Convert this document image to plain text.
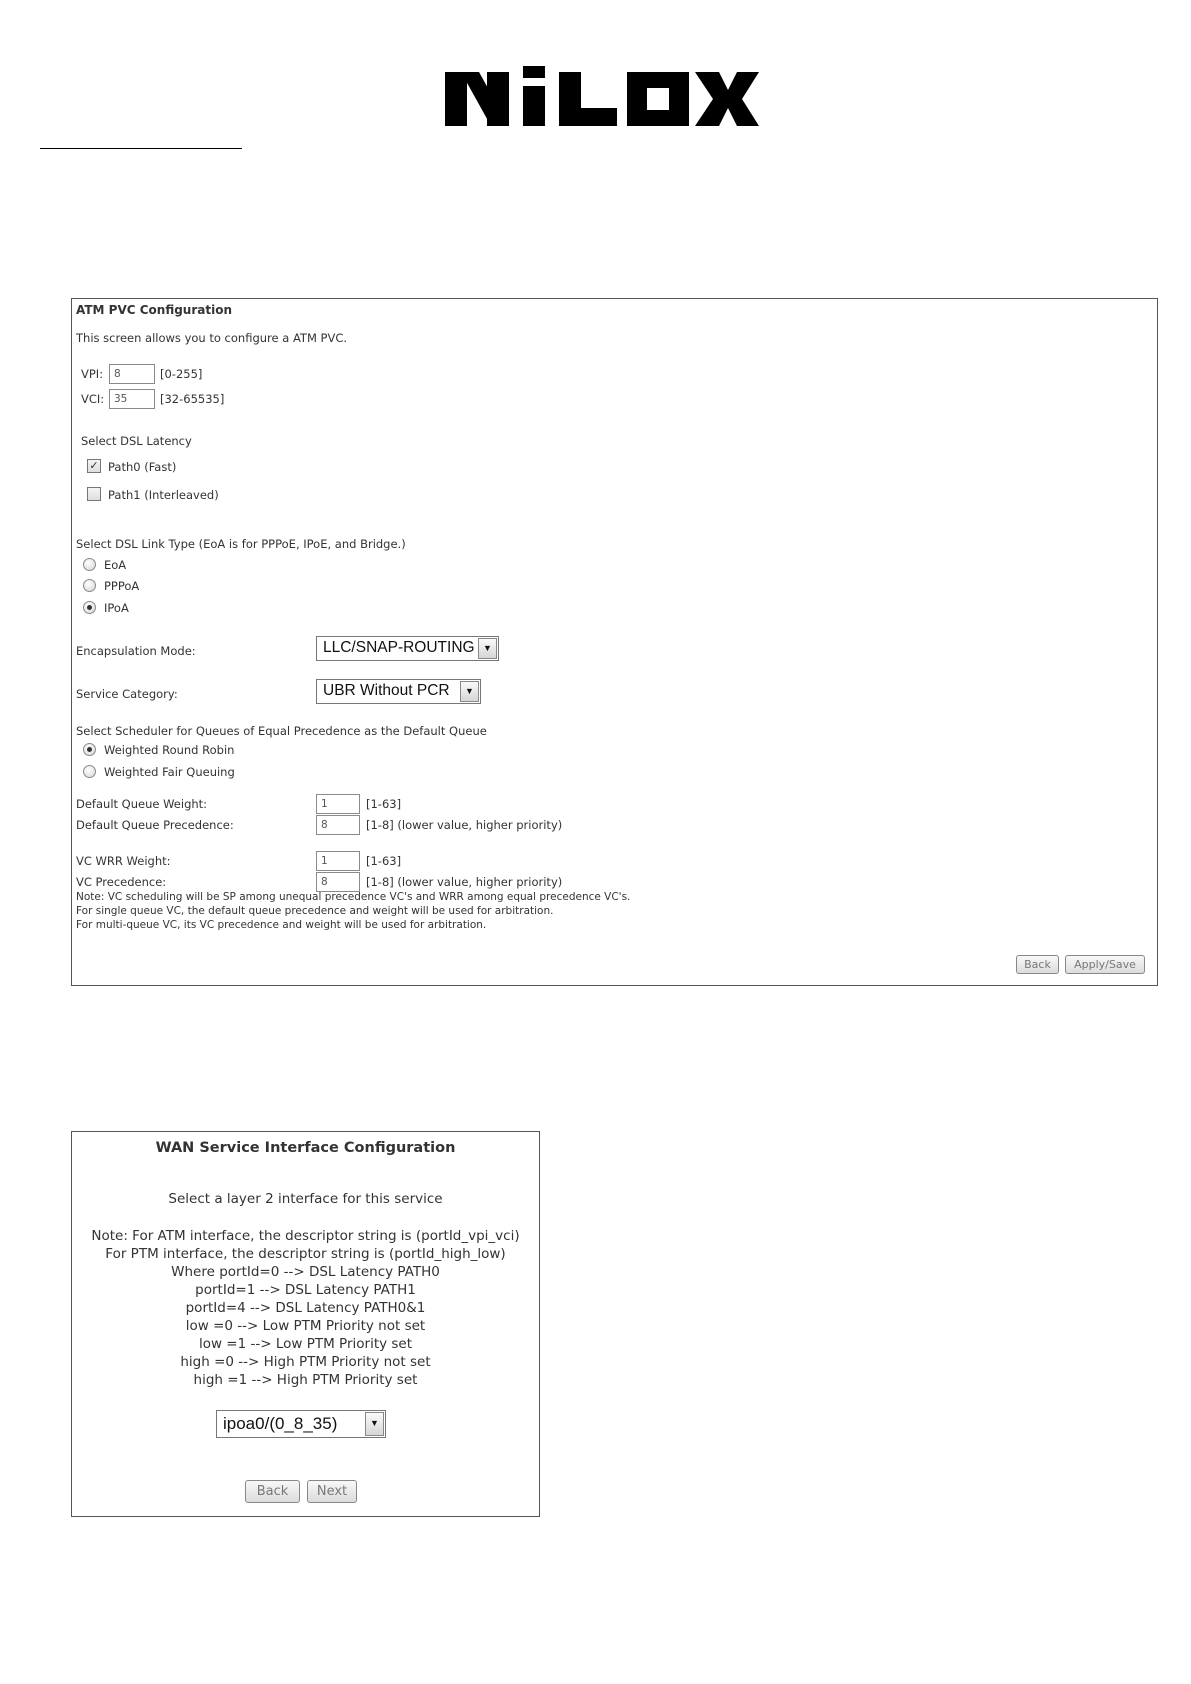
ATM PVC Configuration
This screen allows you to configure a ATM PVC.
VPI:
8	[0-255]
VCI:
35	[32-65535]
Select DSL Latency
✓ Path0 (Fast)
Path1 (Interleaved)
Select DSL Link Type (EoA is for PPPoE, IPoE, and Bridge.)
EoA
PPPoA
IPoA
Encapsulation Mode:	LLC/SNAP-ROUTING ▼
Service Category:	UBR Without PCR	▼
Select Scheduler for Queues of Equal Precedence as the Default Queue
Weighted Round Robin
Weighted Fair Queuing
Default Queue Weight:
1	[1-63]
Default Queue Precedence:
8	[1-8] (lower value, higher priority)
VC WRR Weight:
1	[1-63]
VC Precedence:
8	[1-8] (lower value, higher priority)
Note: VC scheduling will be SP among unequal precedence VC's and WRR among equal precedence VC's.
For single queue VC, the default queue precedence and weight will be used for arbitration.
For multi-queue VC, its VC precedence and weight will be used for arbitration.
Back	Apply/Save
WAN Service Interface Configuration
Select a layer 2 interface for this service
Note: For ATM interface, the descriptor string is (portId_vpi_vci)
For PTM interface, the descriptor string is (portId_high_low)
Where portId=0 --> DSL Latency PATH0
portId=1 --> DSL Latency PATH1
portId=4 --> DSL Latency PATH0&1
low =0 --> Low PTM Priority not set
low =1 --> Low PTM Priority set
high =0 --> High PTM Priority not set
high =1 --> High PTM Priority set
ipoa0/(0_8_35)	▼
Back	Next
